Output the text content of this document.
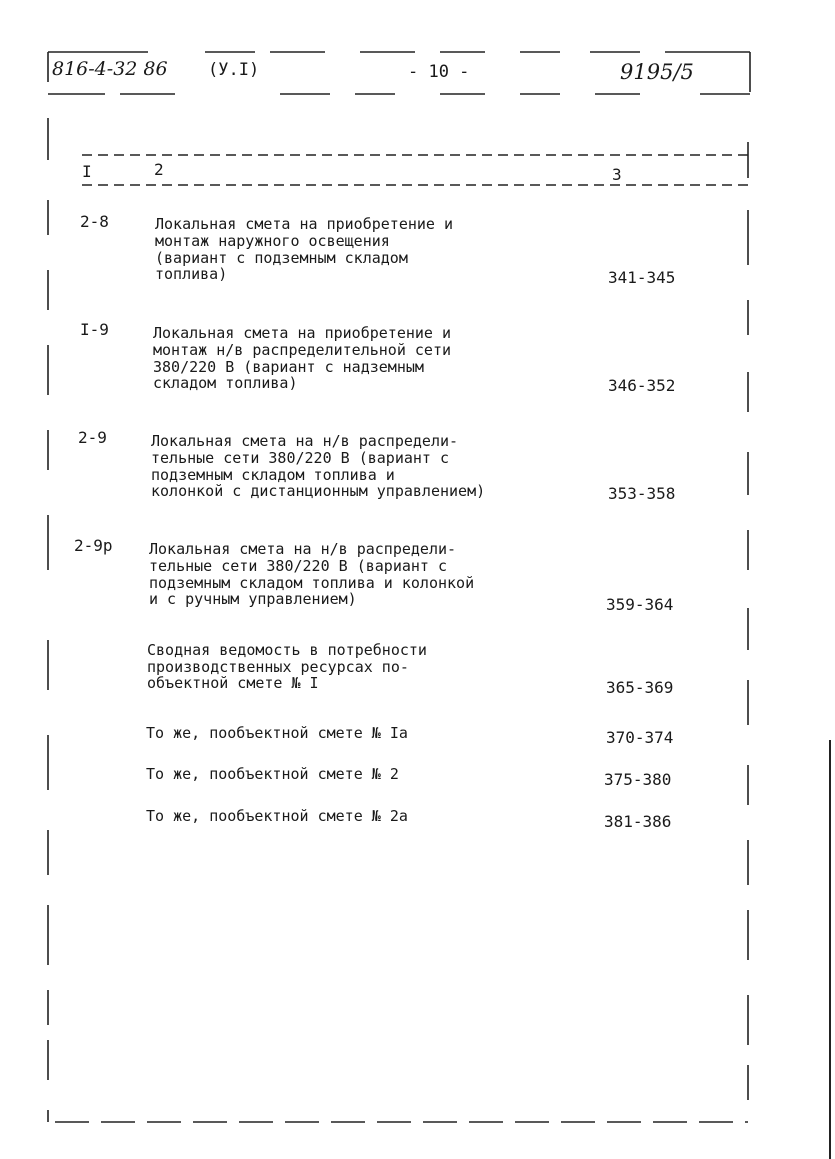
816-4-32 86 (У.I)	- 10 -	9195/5
I	2	3
2-8	Локальная смета на приобретение и
монтаж наружного освещения
(вариант с подземным складом
топлива)	341-345
I-9	Локальная смета на приобретение и
монтаж н/в распределительной сети
380/220 В (вариант с надземным
складом топлива)	346-352
2-9	Локальная смета на н/в распредели-
тельные сети 380/220 В (вариант с
подземным складом топлива и
колонкой с дистанционным управлением)	353-358
2-9р Локальная смета на н/в распредели-
тельные сети 380/220 В (вариант с
подземным складом топлива и колонкой
и с ручным управлением)	359-364
Сводная ведомость в потребности
производственных ресурсах по-
объектной смете № I	365-369
То же, пообъектной смете № Iа	370-374
То же, пообъектной смете № 2	375-380
То же, пообъектной смете № 2а	381-386
